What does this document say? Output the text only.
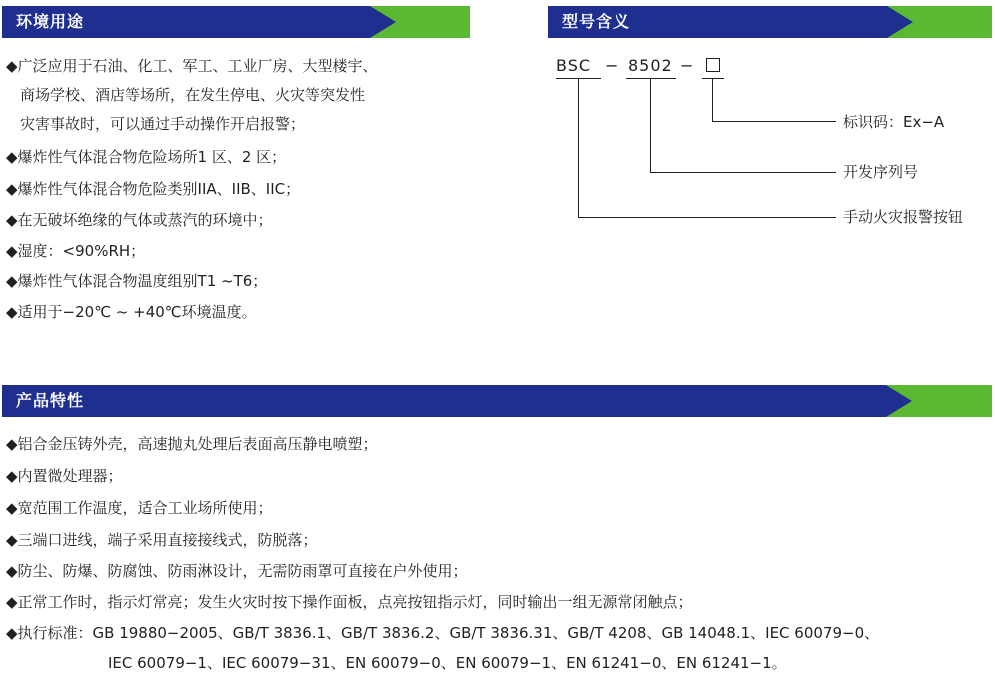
环境用途	型号含义
◆广泛应用于石油、化工、军工、工业厂房、大型楼宇、
商场学校、酒店等场所，在发生停电、火灾等突发性
灾害事故时，可以通过手动操作开启报警；
◆爆炸性气体混合物危险场所1 区、2 区；
◆爆炸性气体混合物危险类别IIA、IIB、IIC；
◆在无破坏绝缘的气体或蒸汽的环境中；
◆湿度：<90%RH；
◆爆炸性气体混合物温度组别T1 ~T6；
◆适用于−20℃ ~ +40℃环境温度。
BSC − 8502 −
标识码：Ex−A
开发序列号
手动火灾报警按钮
产品特性
◆铝合金压铸外壳，高速抛丸处理后表面高压静电喷塑；
◆内置微处理器；
◆宽范围工作温度，适合工业场所使用；
◆三端口进线，端子采用直接接线式，防脱落；
◆防尘、防爆、防腐蚀、防雨淋设计，无需防雨罩可直接在户外使用；
◆正常工作时，指示灯常亮；发生火灾时按下操作面板，点亮按钮指示灯，同时输出一组无源常闭触点；
◆执行标准：GB 19880−2005、GB/T 3836.1、GB/T 3836.2、GB/T 3836.31、GB/T 4208、GB 14048.1、IEC 60079−0、
IEC 60079−1、IEC 60079−31、EN 60079−0、EN 60079−1、EN 61241−0、EN 61241−1。
